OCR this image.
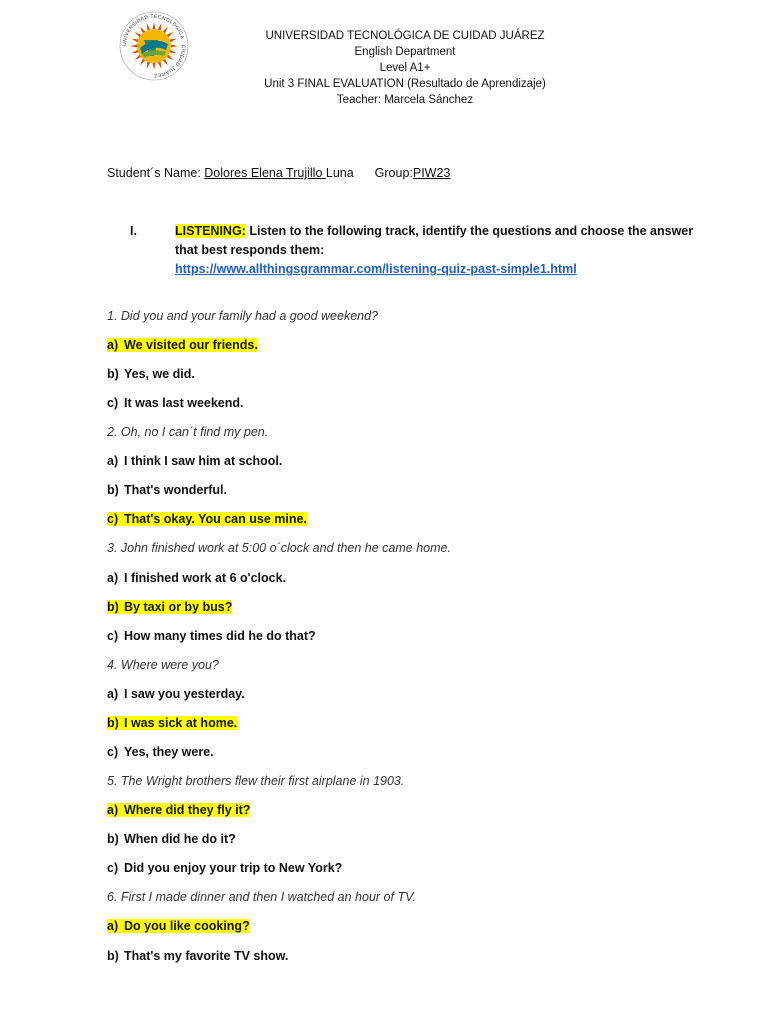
UNIVERSIDAD TECNOLÓGICA · CIUDAD JUÁREZ
UNIVERSIDAD TECNOLÓGICA DE CUIDAD JUÁREZ
English Department
Level A1+
Unit 3 FINAL EVALUATION (Resultado de Aprendizaje)
Teacher: Marcela Sánchez
Student´s Name: Dolores Elena Trujillo Luna Group:PIW23
I.	LISTENING: Listen to the following track, identify the questions and choose the answer that best responds them:
https://www.allthingsgrammar.com/listening-quiz-past-simple1.html
1. Did you and your family had a good weekend?
a) We visited our friends.
b) Yes, we did.
c) It was last weekend.
2. Oh, no I can´t find my pen.
a) I think I saw him at school.
b) That's wonderful.
c) That's okay. You can use mine.
3. John finished work at 5:00 o´clock and then he came home.
a) I finished work at 6 o'clock.
b) By taxi or by bus?
c) How many times did he do that?
4. Where were you?
a) I saw you yesterday.
b) I was sick at home.
c) Yes, they were.
5. The Wright brothers flew their first airplane in 1903.
a) Where did they fly it?
b) When did he do it?
c) Did you enjoy your trip to New York?
6. First I made dinner and then I watched an hour of TV.
a) Do you like cooking?
b) That's my favorite TV show.
